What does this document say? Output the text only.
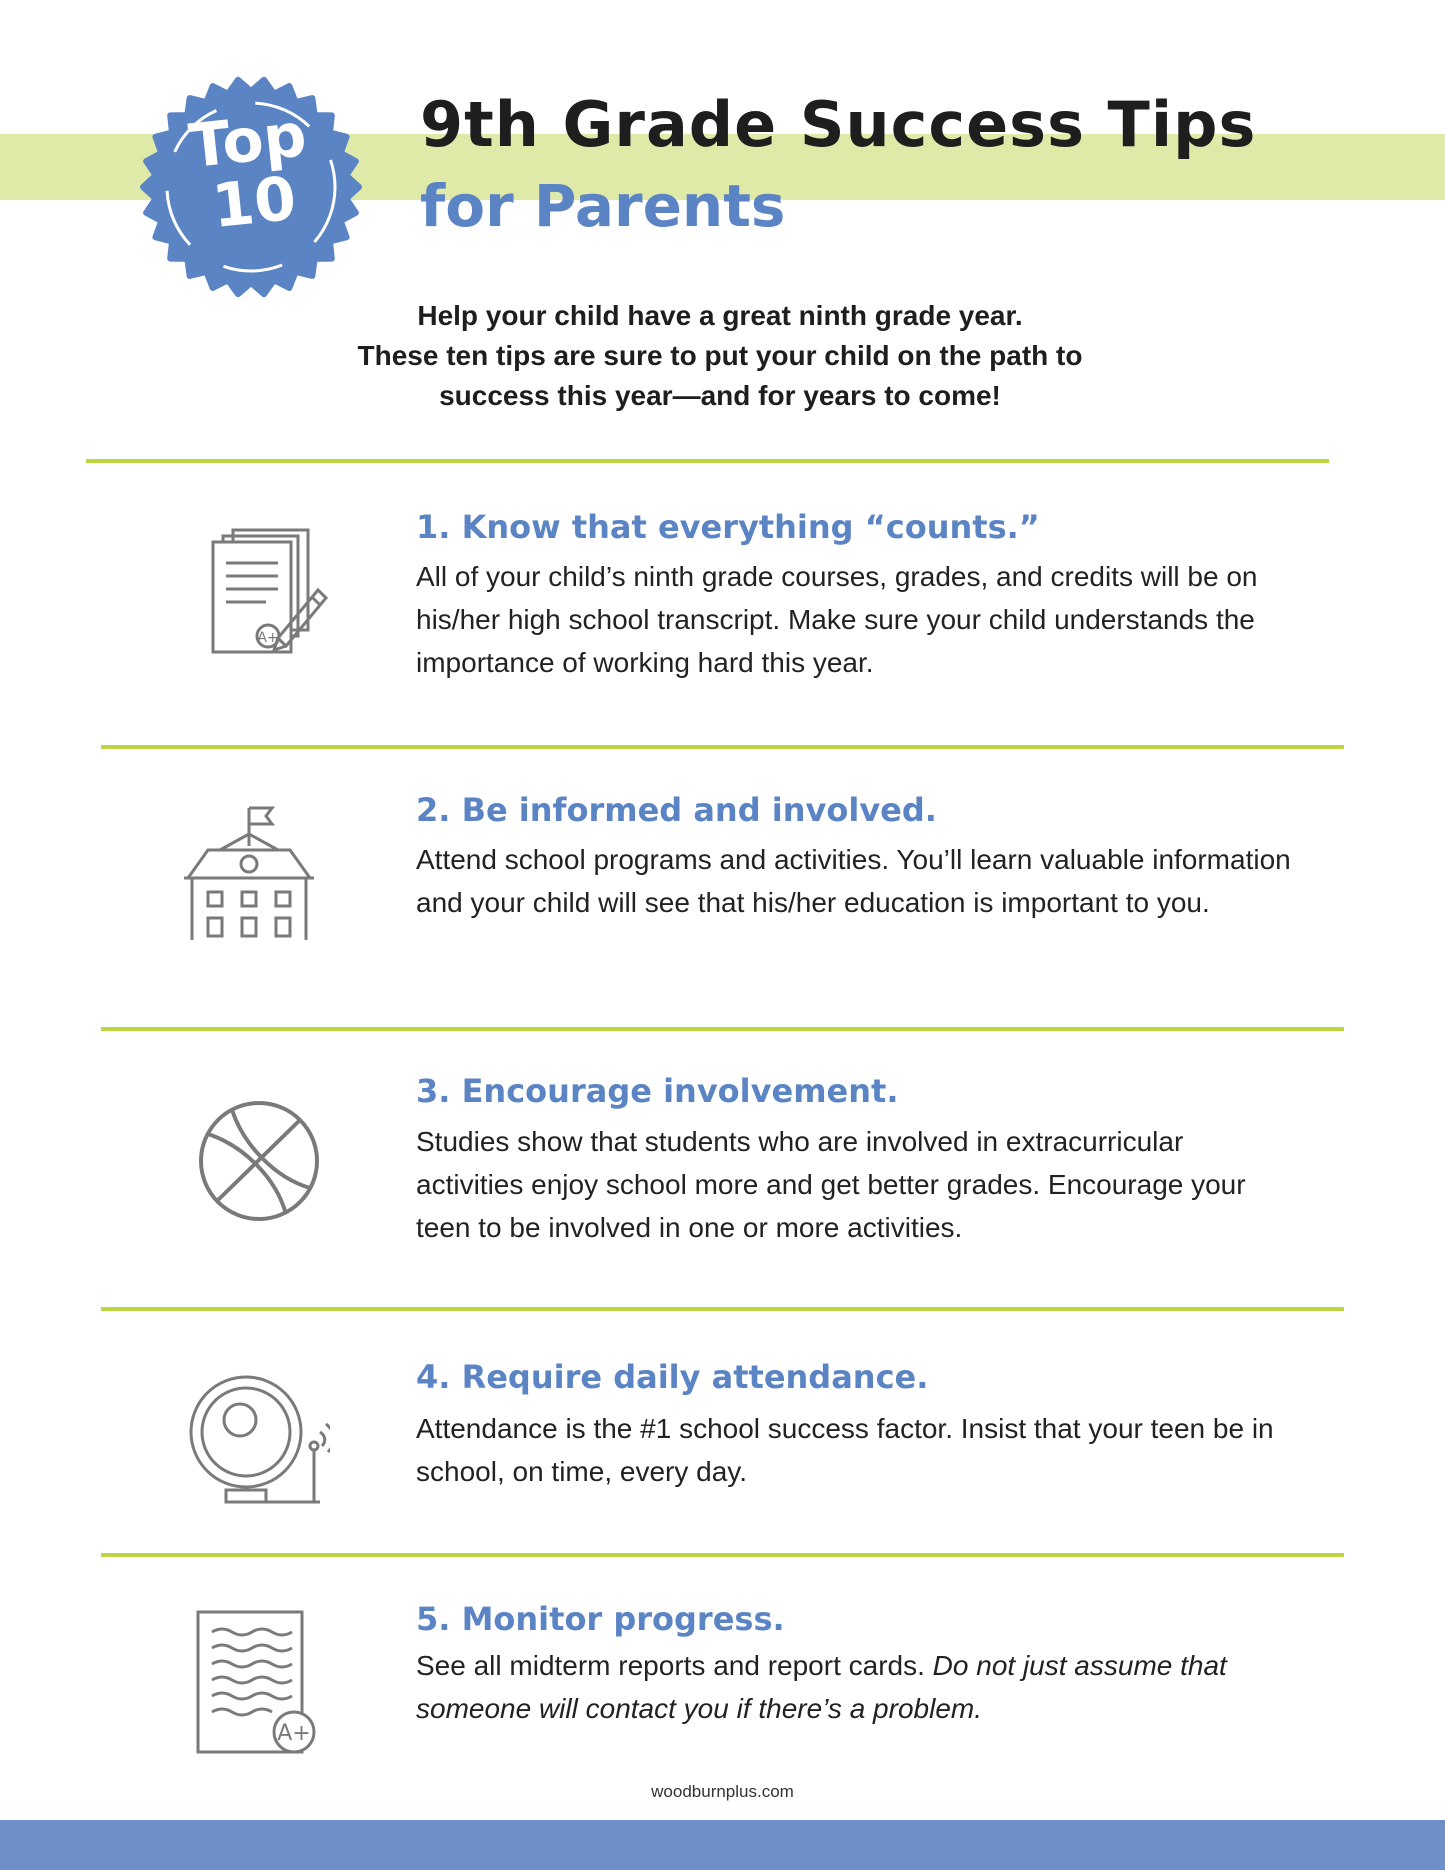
Top
10
9th Grade Success Tips
for Parents
Help your child have a great ninth grade year.
These ten tips are sure to put your child on the path to
success this year—and for years to come!
A+
1. Know that everything “counts.”
All of your child’s ninth grade courses, grades, and credits will be on his/her high school transcript. Make sure your child understands the importance of working hard this year.
2. Be informed and involved.
Attend school programs and activities. You’ll learn valuable information and your child will see that his/her education is important to you.
3. Encourage involvement.
Studies show that students who are involved in extracurricular activities enjoy school more and get better grades. Encourage your teen to be involved in one or more activities.
4. Require daily attendance.
Attendance is the #1 school success factor. Insist that your teen be in school, on time, every day.
A+
5. Monitor progress.
See all midterm reports and report cards. Do not just assume that someone will contact you if there’s a problem.
woodburnplus.com
